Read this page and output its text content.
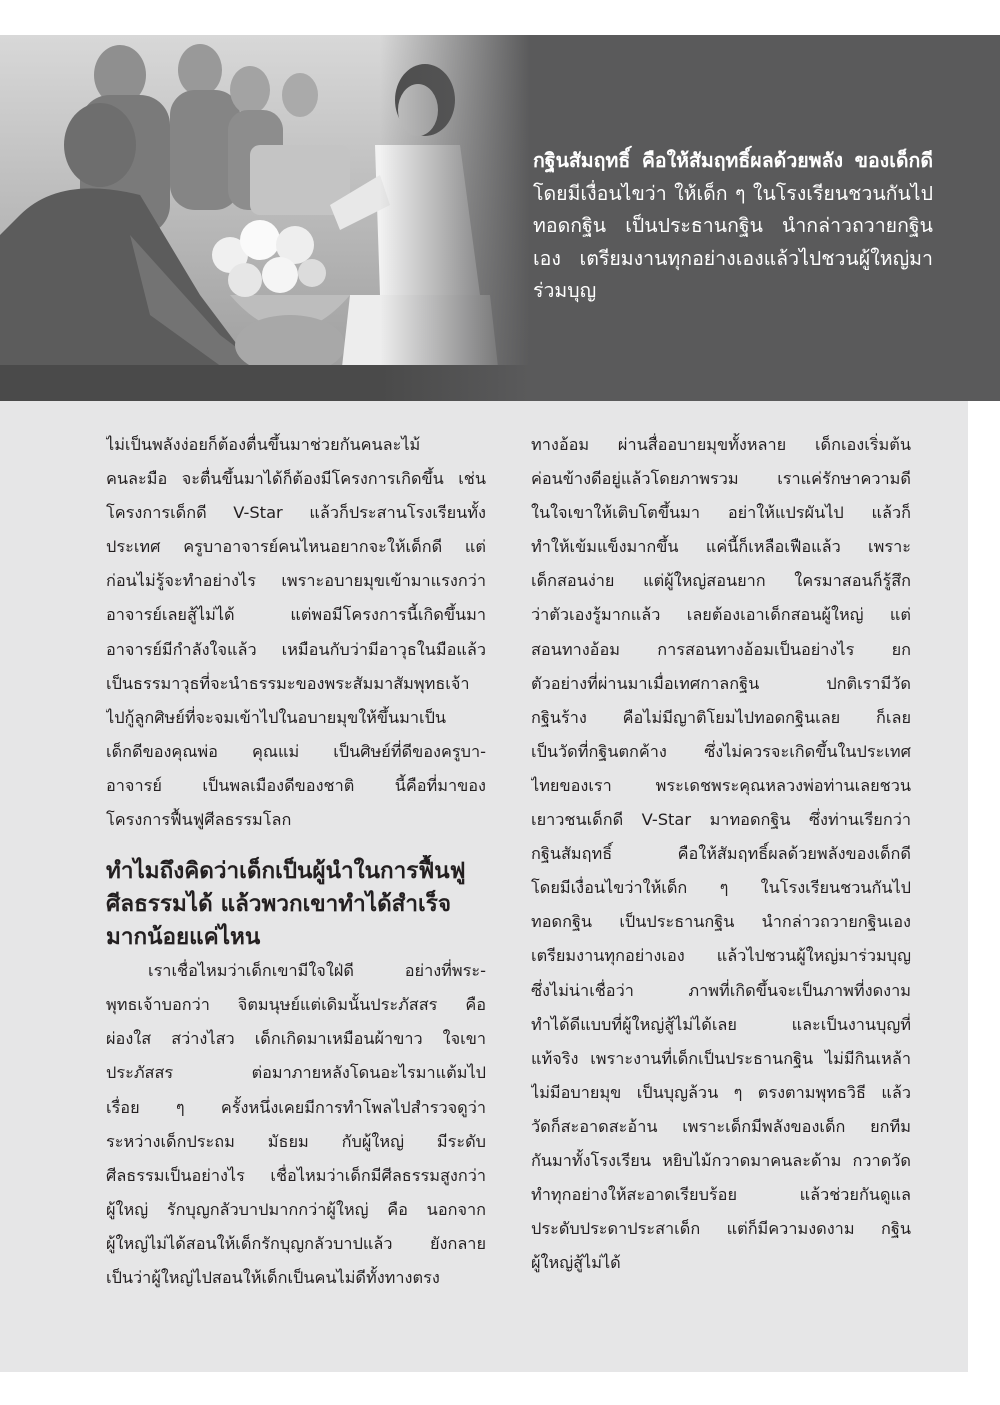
กฐินสัมฤทธิ์ คือให้สัมฤทธิ์ผลด้วยพลัง ของเด็กดี โดยมีเงื่อนไขว่า ให้เด็ก ๆ ในโรงเรียนชวนกันไปทอดกฐิน เป็นประธานกฐิน นำกล่าวถวายกฐินเอง เตรียมงานทุกอย่างเองแล้วไปชวนผู้ใหญ่มาร่วมบุญ

ไม่เป็นพลังง่อยก็ต้องตื่นขึ้นมาช่วยกันคนละไม้
คนละมือ จะตื่นขึ้นมาได้ก็ต้องมีโครงการเกิดขึ้น เช่น
โครงการเด็กดี V-Star แล้วก็ประสานโรงเรียนทั้ง
ประเทศ ครูบาอาจารย์คนไหนอยากจะให้เด็กดี แต่
ก่อนไม่รู้จะทำอย่างไร เพราะอบายมุขเข้ามาแรงกว่า
อาจารย์เลยสู้ไม่ได้ แต่พอมีโครงการนี้เกิดขึ้นมา
อาจารย์มีกำลังใจแล้ว เหมือนกับว่ามีอาวุธในมือแล้ว
เป็นธรรมาวุธที่จะนำธรรมะของพระสัมมาสัมพุทธเจ้า
ไปกู้ลูกศิษย์ที่จะจมเข้าไปในอบายมุขให้ขึ้นมาเป็น
เด็กดีของคุณพ่อ คุณแม่ เป็นศิษย์ที่ดีของครูบา-
อาจารย์ เป็นพลเมืองดีของชาติ นี้คือที่มาของ
โครงการฟื้นฟูศีลธรรมโลก

ทำไมถึงคิดว่าเด็กเป็นผู้นำในการฟื้นฟู
ศีลธรรมได้ แล้วพวกเขาทำได้สำเร็จ
มากน้อยแค่ไหน

เราเชื่อไหมว่าเด็กเขามีใจใฝ่ดี อย่างที่พระ-
พุทธเจ้าบอกว่า จิตมนุษย์แต่เดิมนั้นประภัสสร คือ
ผ่องใส สว่างไสว เด็กเกิดมาเหมือนผ้าขาว ใจเขา
ประภัสสร ต่อมาภายหลังโดนอะไรมาแต้มไป
เรื่อย ๆ ครั้งหนึ่งเคยมีการทำโพลไปสำรวจดูว่า
ระหว่างเด็กประถม มัธยม กับผู้ใหญ่ มีระดับ
ศีลธรรมเป็นอย่างไร เชื่อไหมว่าเด็กมีศีลธรรมสูงกว่า
ผู้ใหญ่ รักบุญกลัวบาปมากกว่าผู้ใหญ่ คือ นอกจาก
ผู้ใหญ่ไม่ได้สอนให้เด็กรักบุญกลัวบาปแล้ว ยังกลาย
เป็นว่าผู้ใหญ่ไปสอนให้เด็กเป็นคนไม่ดีทั้งทางตรง

ทางอ้อม ผ่านสื่ออบายมุขทั้งหลาย เด็กเองเริ่มต้น
ค่อนข้างดีอยู่แล้วโดยภาพรวม เราแค่รักษาความดี
ในใจเขาให้เติบโตขึ้นมา อย่าให้แปรผันไป แล้วก็
ทำให้เข้มแข็งมากขึ้น แค่นี้ก็เหลือเฟือแล้ว เพราะ
เด็กสอนง่าย แต่ผู้ใหญ่สอนยาก ใครมาสอนก็รู้สึก
ว่าตัวเองรู้มากแล้ว เลยต้องเอาเด็กสอนผู้ใหญ่ แต่
สอนทางอ้อม การสอนทางอ้อมเป็นอย่างไร ยก
ตัวอย่างที่ผ่านมาเมื่อเทศกาลกฐิน ปกติเรามีวัด
กฐินร้าง คือไม่มีญาติโยมไปทอดกฐินเลย ก็เลย
เป็นวัดที่กฐินตกค้าง ซึ่งไม่ควรจะเกิดขึ้นในประเทศ
ไทยของเรา พระเดชพระคุณหลวงพ่อท่านเลยชวน
เยาวชนเด็กดี V-Star มาทอดกฐิน ซึ่งท่านเรียกว่า
กฐินสัมฤทธิ์ คือให้สัมฤทธิ์ผลด้วยพลังของเด็กดี
โดยมีเงื่อนไขว่าให้เด็ก ๆ ในโรงเรียนชวนกันไป
ทอดกฐิน เป็นประธานกฐิน นำกล่าวถวายกฐินเอง
เตรียมงานทุกอย่างเอง แล้วไปชวนผู้ใหญ่มาร่วมบุญ
ซึ่งไม่น่าเชื่อว่า ภาพที่เกิดขึ้นจะเป็นภาพที่งดงาม
ทำได้ดีแบบที่ผู้ใหญ่สู้ไม่ได้เลย และเป็นงานบุญที่
แท้จริง เพราะงานที่เด็กเป็นประธานกฐิน ไม่มีกินเหล้า
ไม่มีอบายมุข เป็นบุญล้วน ๆ ตรงตามพุทธวิธี แล้ว
วัดก็สะอาดสะอ้าน เพราะเด็กมีพลังของเด็ก ยกทีม
กันมาทั้งโรงเรียน หยิบไม้กวาดมาคนละด้าม กวาดวัด
ทำทุกอย่างให้สะอาดเรียบร้อย แล้วช่วยกันดูแล
ประดับประดาประสาเด็ก แต่ก็มีความงดงาม กฐิน
ผู้ใหญ่สู้ไม่ได้
